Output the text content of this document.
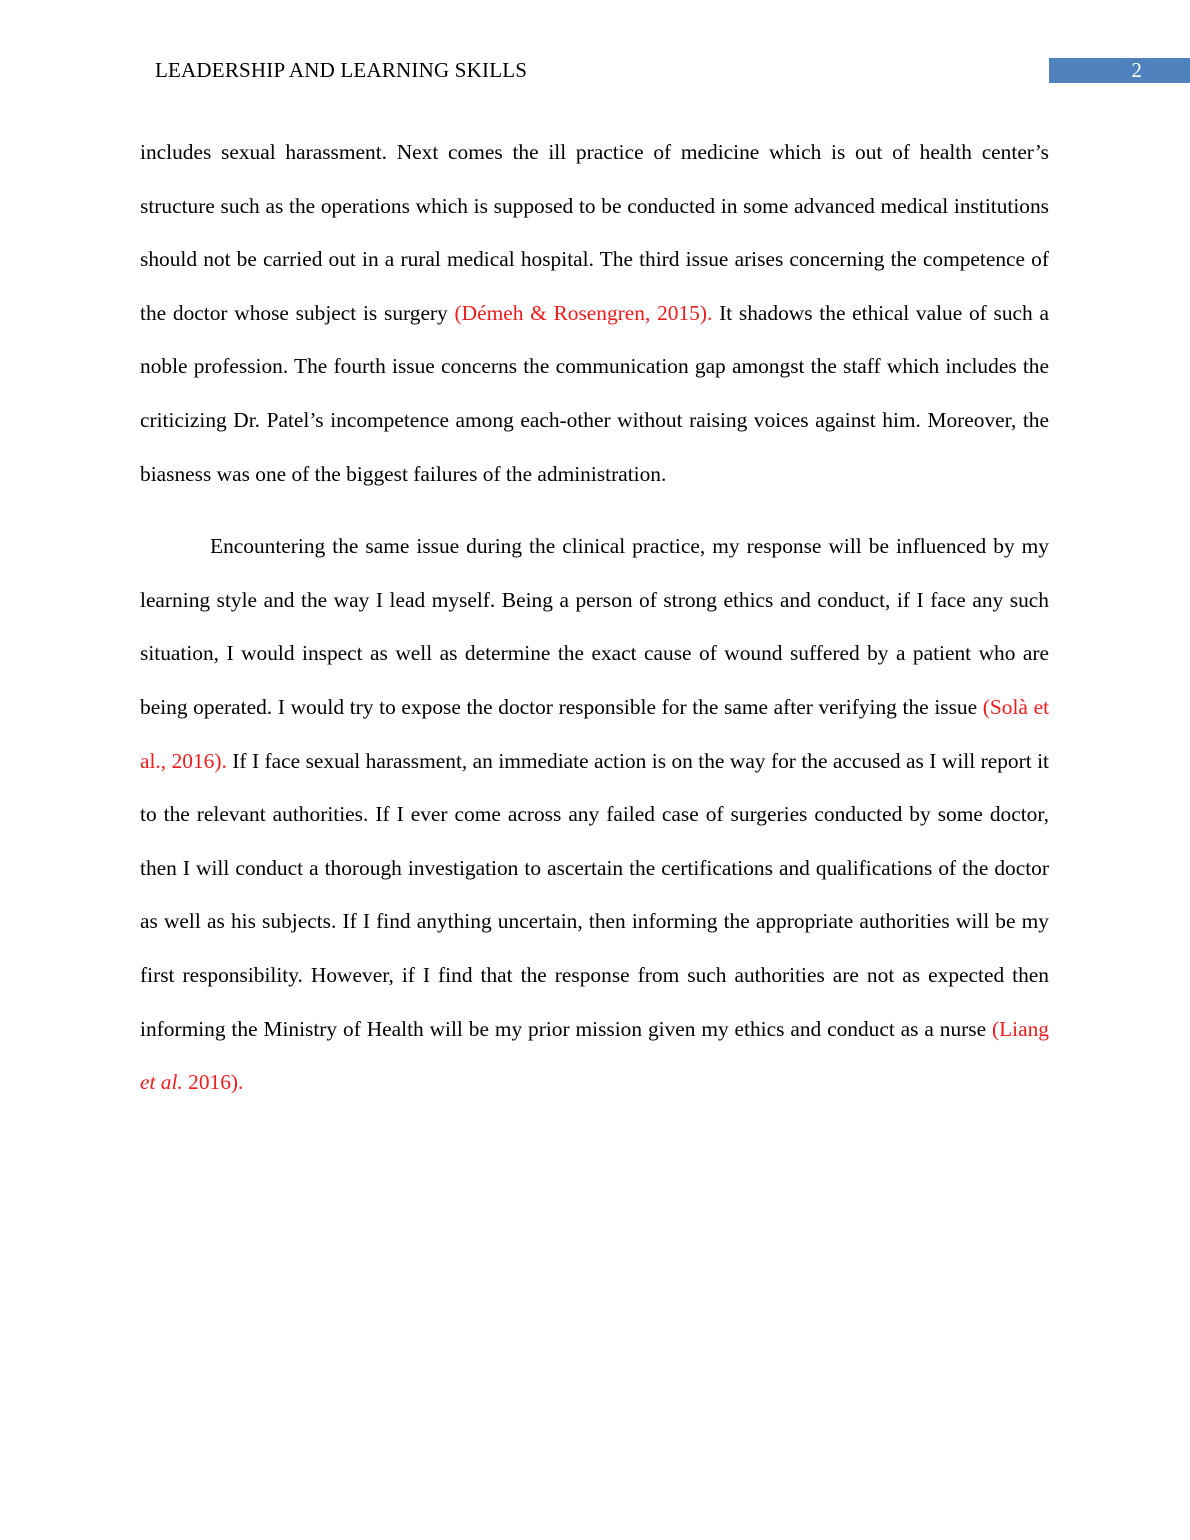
LEADERSHIP AND LEARNING SKILLS	2

includes sexual harassment. Next comes the ill practice of medicine which is out of health center’s structure such as the operations which is supposed to be conducted in some advanced medical institutions should not be carried out in a rural medical hospital. The third issue arises concerning the competence of the doctor whose subject is surgery (Démeh & Rosengren, 2015). It shadows the ethical value of such a noble profession. The fourth issue concerns the communication gap amongst the staff which includes the criticizing Dr. Patel’s incompetence among each-other without raising voices against him. Moreover, the biasness was one of the biggest failures of the administration.

Encountering the same issue during the clinical practice, my response will be influenced by my learning style and the way I lead myself. Being a person of strong ethics and conduct, if I face any such situation, I would inspect as well as determine the exact cause of wound suffered by a patient who are being operated. I would try to expose the doctor responsible for the same after verifying the issue (Solà et al., 2016). If I face sexual harassment, an immediate action is on the way for the accused as I will report it to the relevant authorities. If I ever come across any failed case of surgeries conducted by some doctor, then I will conduct a thorough investigation to ascertain the certifications and qualifications of the doctor as well as his subjects. If I find anything uncertain, then informing the appropriate authorities will be my first responsibility. However, if I find that the response from such authorities are not as expected then informing the Ministry of Health will be my prior mission given my ethics and conduct as a nurse (Liang et al. 2016).
